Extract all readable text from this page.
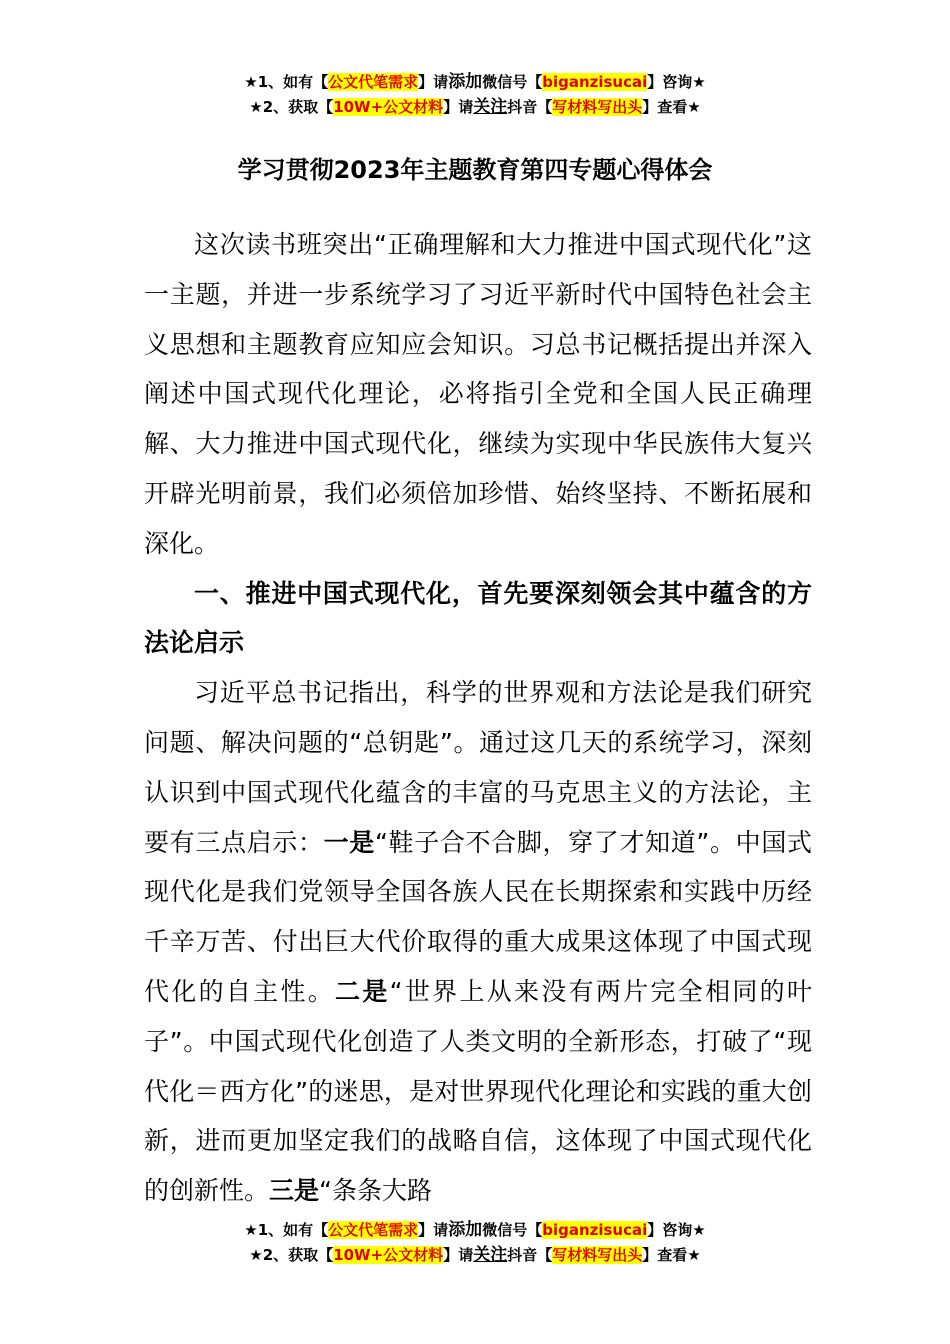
★1、如有【公文代笔需求】请添加微信号【biganzisucai】咨询★
★2、获取【10W+公文材料】请关注抖音【写材料写出头】查看★
学习贯彻2023年主题教育第四专题心得体会

这次读书班突出“正确理解和大力推进中国式现代化”这一主题，并进一步系统学习了习近平新时代中国特色社会主义思想和主题教育应知应会知识。习总书记概括提出并深入阐述中国式现代化理论，必将指引全党和全国人民正确理解、大力推进中国式现代化，继续为实现中华民族伟大复兴开辟光明前景，我们必须倍加珍惜、始终坚持、不断拓展和深化。

一、推进中国式现代化，首先要深刻领会其中蕴含的方法论启示

习近平总书记指出，科学的世界观和方法论是我们研究问题、解决问题的“总钥匙”。通过这几天的系统学习，深刻认识到中国式现代化蕴含的丰富的马克思主义的方法论，主要有三点启示：一是“鞋子合不合脚，穿了才知道”。中国式现代化是我们党领导全国各族人民在长期探索和实践中历经千辛万苦、付出巨大代价取得的重大成果这体现了中国式现代化的自主性。二是“世界上从来没有两片完全相同的叶子”。中国式现代化创造了人类文明的全新形态，打破了“现代化＝西方化”的迷思，是对世界现代化理论和实践的重大创新，进而更加坚定我们的战略自信，这体现了中国式现代化的创新性。三是“条条大路

★1、如有【公文代笔需求】请添加微信号【biganzisucai】咨询★
★2、获取【10W+公文材料】请关注抖音【写材料写出头】查看★
